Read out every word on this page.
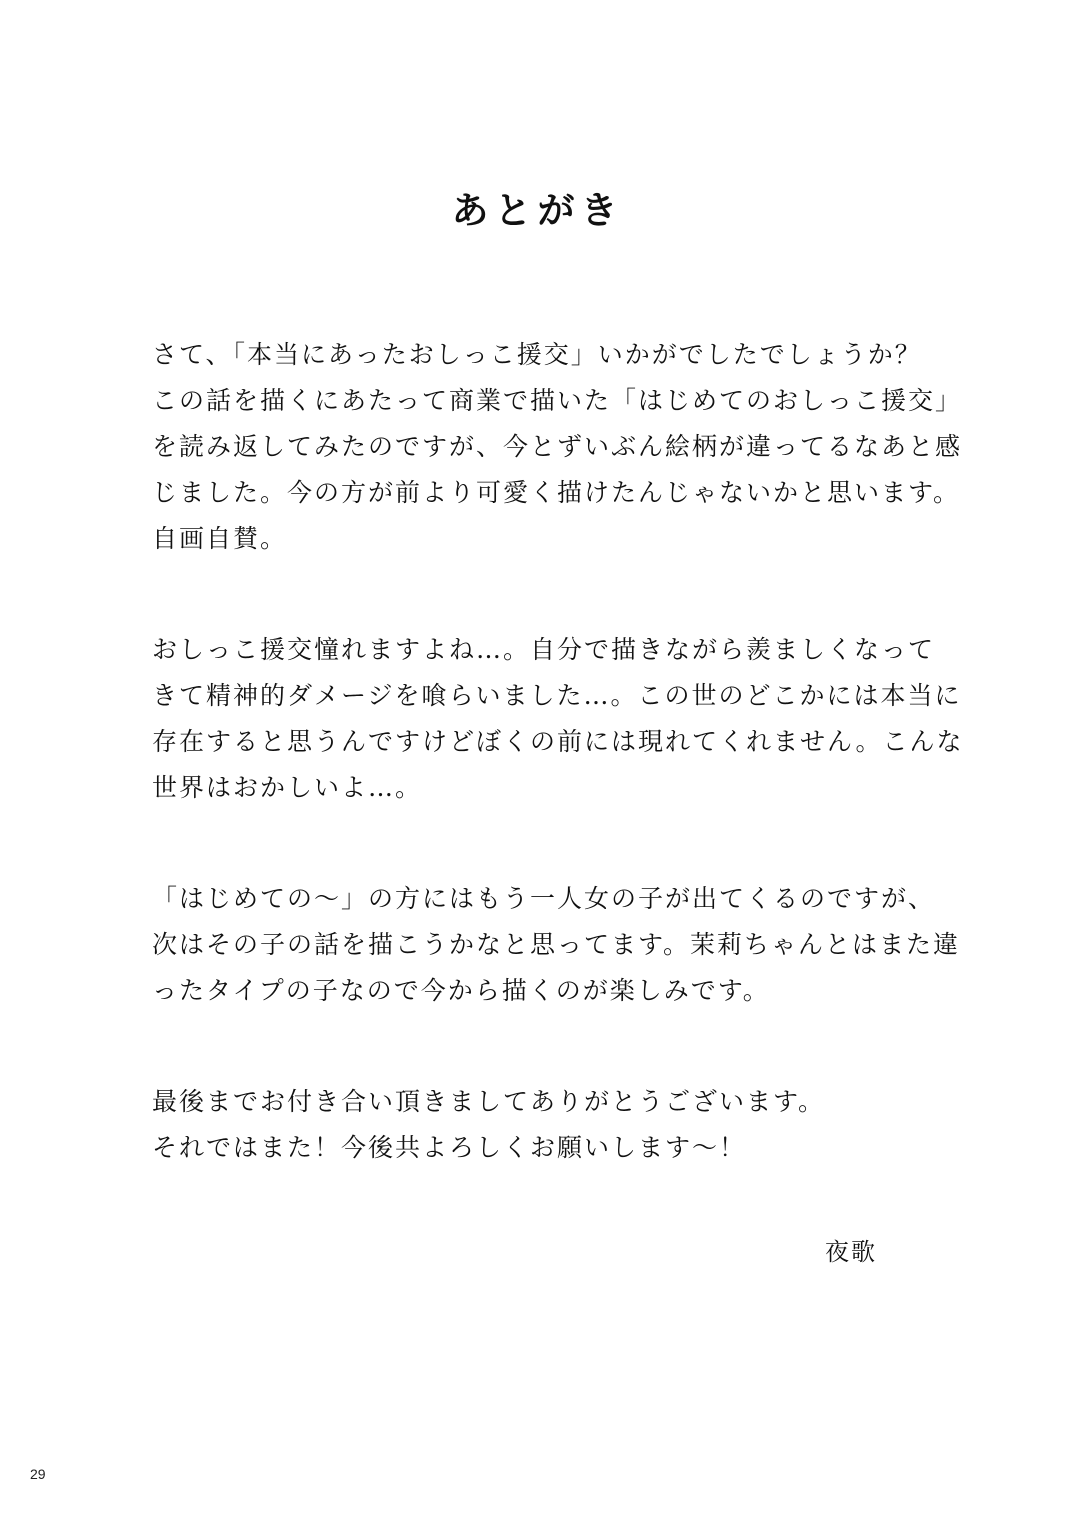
あとがき
さて、「本当にあったおしっこ援交」いかがでしたでしょうか？
この話を描くにあたって商業で描いた「はじめてのおしっこ援交」
を読み返してみたのですが、今とずいぶん絵柄が違ってるなあと感
じました。今の方が前より可愛く描けたんじゃないかと思います。
自画自賛。
おしっこ援交憧れますよね…。自分で描きながら羨ましくなって
きて精神的ダメージを喰らいました…。この世のどこかには本当に
存在すると思うんですけどぼくの前には現れてくれません。こんな
世界はおかしいよ…。
「はじめての～」の方にはもう一人女の子が出てくるのですが、
次はその子の話を描こうかなと思ってます。茉莉ちゃんとはまた違
ったタイプの子なので今から描くのが楽しみです。
最後までお付き合い頂きましてありがとうございます。
それではまた！今後共よろしくお願いします～！
夜歌
29
